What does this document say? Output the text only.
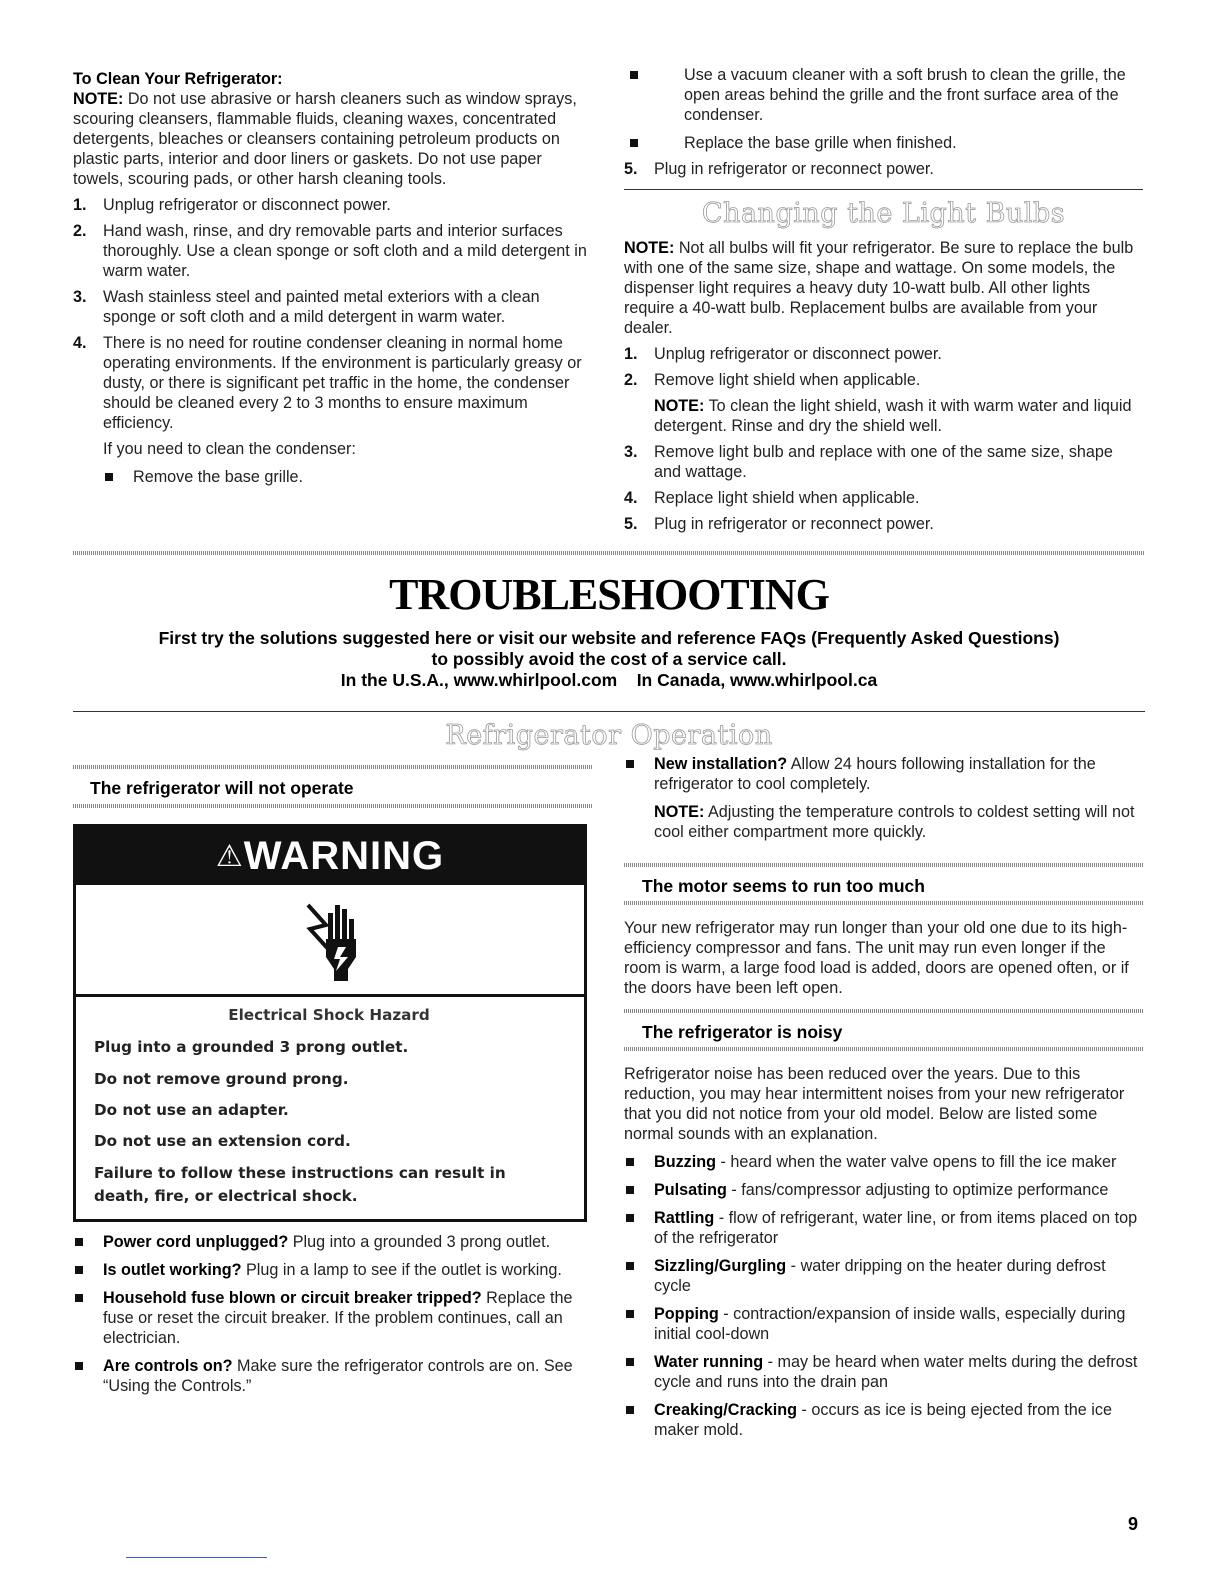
To Clean Your Refrigerator:

NOTE: Do not use abrasive or harsh cleaners such as window sprays, scouring cleansers, flammable fluids, cleaning waxes, concentrated detergents, bleaches or cleansers containing petroleum products on plastic parts, interior and door liners or gaskets. Do not use paper towels, scouring pads, or other harsh cleaning tools.

1. Unplug refrigerator or disconnect power.
2. Hand wash, rinse, and dry removable parts and interior surfaces thoroughly. Use a clean sponge or soft cloth and a mild detergent in warm water.
3. Wash stainless steel and painted metal exteriors with a clean sponge or soft cloth and a mild detergent in warm water.
4. There is no need for routine condenser cleaning in normal home operating environments. If the environment is particularly greasy or dusty, or there is significant pet traffic in the home, the condenser should be cleaned every 2 to 3 months to ensure maximum efficiency.

If you need to clean the condenser:

Remove the base grille.
Use a vacuum cleaner with a soft brush to clean the grille, the open areas behind the grille and the front surface area of the condenser.
Replace the base grille when finished.
5. Plug in refrigerator or reconnect power.
Changing the Light Bulbs

NOTE: Not all bulbs will fit your refrigerator. Be sure to replace the bulb with one of the same size, shape and wattage. On some models, the dispenser light requires a heavy duty 10-watt bulb. All other lights require a 40-watt bulb. Replacement bulbs are available from your dealer.

1. Unplug refrigerator or disconnect power.
2. Remove light shield when applicable.

NOTE: To clean the light shield, wash it with warm water and liquid detergent. Rinse and dry the shield well.

3. Remove light bulb and replace with one of the same size, shape and wattage.
4. Replace light shield when applicable.
5. Plug in refrigerator or reconnect power.
TROUBLESHOOTING
First try the solutions suggested here or visit our website and reference FAQs (Frequently Asked Questions)
to possibly avoid the cost of a service call.
In the U.S.A., www.whirlpool.com    In Canada, www.whirlpool.ca
Refrigerator Operation
The refrigerator will not operate
⚠WARNING
Electrical Shock Hazard
Plug into a grounded 3 prong outlet.
Do not remove ground prong.
Do not use an adapter.
Do not use an extension cord.
Failure to follow these instructions can result in death, fire, or electrical shock.
Power cord unplugged? Plug into a grounded 3 prong outlet.
Is outlet working? Plug in a lamp to see if the outlet is working.
Household fuse blown or circuit breaker tripped? Replace the fuse or reset the circuit breaker. If the problem continues, call an electrician.
Are controls on? Make sure the refrigerator controls are on. See “Using the Controls.”
New installation? Allow 24 hours following installation for the refrigerator to cool completely.

NOTE: Adjusting the temperature controls to coldest setting will not cool either compartment more quickly.

The motor seems to run too much

Your new refrigerator may run longer than your old one due to its high-efficiency compressor and fans. The unit may run even longer if the room is warm, a large food load is added, doors are opened often, or if the doors have been left open.

The refrigerator is noisy

Refrigerator noise has been reduced over the years. Due to this reduction, you may hear intermittent noises from your new refrigerator that you did not notice from your old model. Below are listed some normal sounds with an explanation.

Buzzing - heard when the water valve opens to fill the ice maker
Pulsating - fans/compressor adjusting to optimize performance
Rattling - flow of refrigerant, water line, or from items placed on top of the refrigerator
Sizzling/Gurgling - water dripping on the heater during defrost cycle
Popping - contraction/expansion of inside walls, especially during initial cool-down
Water running - may be heard when water melts during the defrost cycle and runs into the drain pan
Creaking/Cracking - occurs as ice is being ejected from the ice maker mold.
9
